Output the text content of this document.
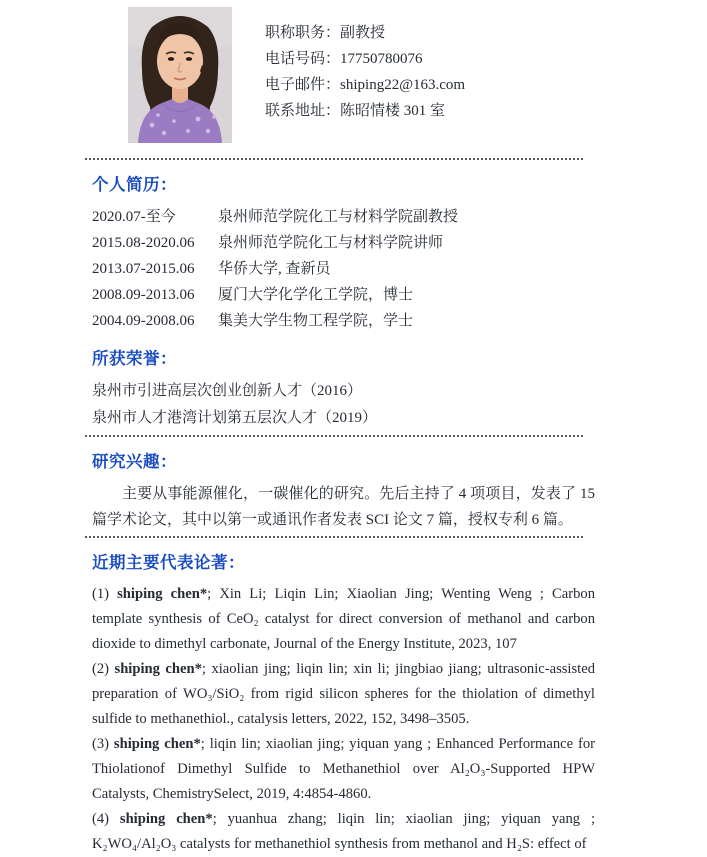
职称职务：副教授
电话号码：17750780076
电子邮件：shiping22@163.com
联系地址：陈昭情楼 301 室
个人简历：
2020.07-至今	泉州师范学院化工与材料学院副教授
2015.08-2020.06 泉州师范学院化工与材料学院讲师
2013.07-2015.06 华侨大学, 查新员
2008.09-2013.06 厦门大学化学化工学院，博士
2004.09-2008.06 集美大学生物工程学院，学士
所获荣誉：
泉州市引进高层次创业创新人才（2016）
泉州市人才港湾计划第五层次人才（2019）
研究兴趣：

主要从事能源催化，一碳催化的研究。先后主持了 4 项项目，发表了 15 篇学术论文，其中以第一或通讯作者发表 SCI 论文 7 篇，授权专利 6 篇。

近期主要代表论著：

(1) shiping chen*; Xin Li; Liqin Lin; Xiaolian Jing; Wenting Weng ; Carbon template synthesis of CeO₂ catalyst for direct conversion of methanol and carbon dioxide to dimethyl carbonate, Journal of the Energy Institute, 2023, 107

(2) shiping chen*; xiaolian jing; liqin lin; xin li; jingbiao jiang; ultrasonic-assisted preparation of WO₃/SiO₂ from rigid silicon spheres for the thiolation of dimethyl sulfide to methanethiol., catalysis letters, 2022, 152, 3498–3505.

(3) shiping chen*; liqin lin; xiaolian jing; yiquan yang ; Enhanced Performance for Thiolationof Dimethyl Sulfide to Methanethiol over Al₂O₃-Supported HPW Catalysts, ChemistrySelect, 2019, 4:4854-4860.

(4) shiping chen*; yuanhua zhang; liqin lin; xiaolian jing; yiquan yang ; K₂WO₄/Al₂O₃ catalysts for methanethiol synthesis from methanol and H₂S: effect of
